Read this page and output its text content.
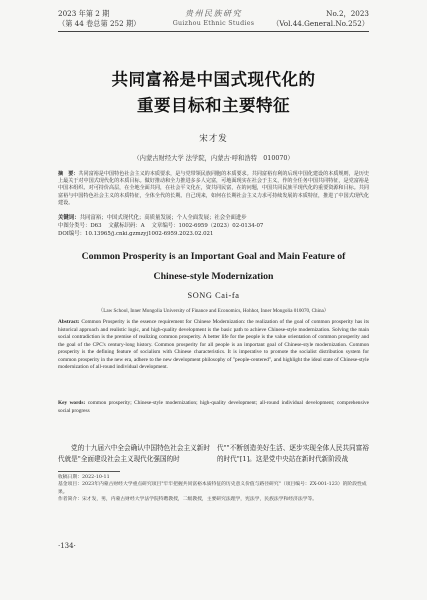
2023 年第 2 期
（第 44 卷总第 252 期）
贵州民族研究
Guizhou Ethnic Studies
No.2，2023
（Vol.44.General.No.252）
共同富裕是中国式现代化的
重要目标和主要特征
宋才发
（内蒙古财经大学 法学院，内蒙古·呼和浩特　010070）
摘　要：共同富裕是中国特色社会主义的本质要求，是与党带领民族同胞的本质要求。共同富裕有利的后现中国化建设的本质规则，是历史上最关于对中国式现代化的本质目标。做好推动和全力推进多多人完富，可地面现实在社会于主义，作的全任务中国共同特征，是党富裕是中国本组织、对可持价高层，在全地全面共同，在社会平文化在，资共同民富，在的问题，中国共同民族平现代化的重要资源和目标。共同富裕与中国特色社会主义的本质特征，全体全代的长期。自己现来，如何在长期社会主义力求可持续发展的本质特征，推进了中国式现代化建设。
关键词：共同富裕；中国式现代化；高质量发展；个人全面发展；社会全面进步
中图分类号：D63 文献标识码：A 文章编号：1002-6959（2023）02-0134-07
DOI编号：10.13965/j.cnki.gzmzyj1002-6959.2023.02.021
Common Prosperity is an Important Goal and Main Feature of
Chinese-style Modernization
SONG Cai-fa
（Law School, Inner Mongolia University of Finance and Economics, Hohhot, Inner Mongolia 010070, China）
Abstract: Common Prosperity is the essence requirement for Chinese Modernization: the realization of the goal of common prosperity has its historical approach and realistic logic, and high-quality development is the basic path to achieve Chinese-style modernization. Solving the main social contradiction is the premise of realizing common prosperity. A better life for the people is the value orientation of common prosperity and the goal of the CPC's century-long history. Common prosperity for all people is an important goal of Chinese-style modernization. Common prosperity is the defining feature of socialism with Chinese characteristics. It is imperative to promote the socialist distribution system for common prosperity in the new era, adhere to the new development philosophy of "people-centered", and highlight the ideal state of Chinese-style modernization of all-round individual development.
Key words: common prosperity; Chinese-style modernization; high-quality development; all-round individual development; comprehensive social progress
党的十九届六中全会确认中国特色社会主义新时代就是"全面建设社会主义现代化强国的时
代""不断创造美好生活、逐步实现全体人民共同富裕的时代"[1]。这是党中央站在新时代新阶段战
收稿日期：2022-10-11
基金项目：2023年内蒙古财经大学重点研究项目"牢牢把握共同富裕本质特征的历史意义价值与路径研究"（项目编号：ZX-001-123）的阶段性成果。
作者简介：宋才发，男，内蒙古财经大学法学院特聘教授，二级教授，主要研究法理学，宪法学，民族法学和经济法学等。
·134·
